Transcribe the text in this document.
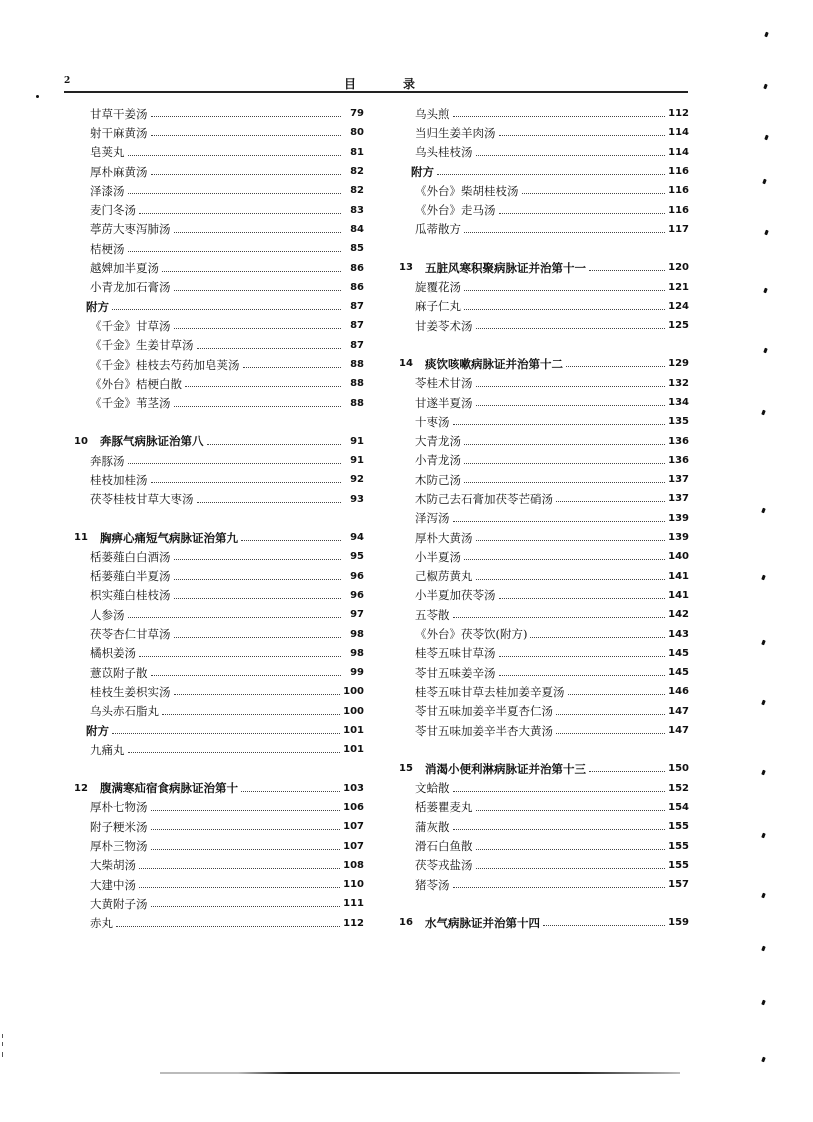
2	目	录
甘草干姜汤	79
射干麻黄汤	80
皂荚丸	81
厚朴麻黄汤	82
泽漆汤	82
麦门冬汤	83
葶苈大枣泻肺汤	84
桔梗汤	85
越婢加半夏汤	86
小青龙加石膏汤	86
附方	87
《千金》甘草汤	87
《千金》生姜甘草汤	87
《千金》桂枝去芍药加皂荚汤	88
《外台》桔梗白散	88
《千金》苇茎汤	88
10	奔豚气病脉证治第八	91
奔豚汤	91
桂枝加桂汤	92
茯苓桂枝甘草大枣汤	93
11	胸痹心痛短气病脉证治第九	94
栝蒌薤白白酒汤	95
栝蒌薤白半夏汤	96
枳实薤白桂枝汤	96
人参汤	97
茯苓杏仁甘草汤	98
橘枳姜汤	98
薏苡附子散	99
桂枝生姜枳实汤	100
乌头赤石脂丸	100
附方	101
九痛丸	101
12	腹满寒疝宿食病脉证治第十	103
厚朴七物汤	106
附子粳米汤	107
厚朴三物汤	107
大柴胡汤	108
大建中汤	110
大黄附子汤	111
赤丸	112
乌头煎	112
当归生姜羊肉汤	114
乌头桂枝汤	114
附方	116
《外台》柴胡桂枝汤	116
《外台》走马汤	116
瓜蒂散方	117
13	五脏风寒积聚病脉证并治第十一	120
旋覆花汤	121
麻子仁丸	124
甘姜苓术汤	125
14	痰饮咳嗽病脉证并治第十二	129
苓桂术甘汤	132
甘遂半夏汤	134
十枣汤	135
大青龙汤	136
小青龙汤	136
木防己汤	137
木防己去石膏加茯苓芒硝汤	137
泽泻汤	139
厚朴大黄汤	139
小半夏汤	140
己椒苈黄丸	141
小半夏加茯苓汤	141
五苓散	142
《外台》茯苓饮(附方)	143
桂苓五味甘草汤	145
苓甘五味姜辛汤	145
桂苓五味甘草去桂加姜辛夏汤	146
苓甘五味加姜辛半夏杏仁汤	147
苓甘五味加姜辛半杏大黄汤	147
15	消渴小便利淋病脉证并治第十三	150
文蛤散	152
栝蒌瞿麦丸	154
蒲灰散	155
滑石白鱼散	155
茯苓戎盐汤	155
猪苓汤	157
16	水气病脉证并治第十四	159
